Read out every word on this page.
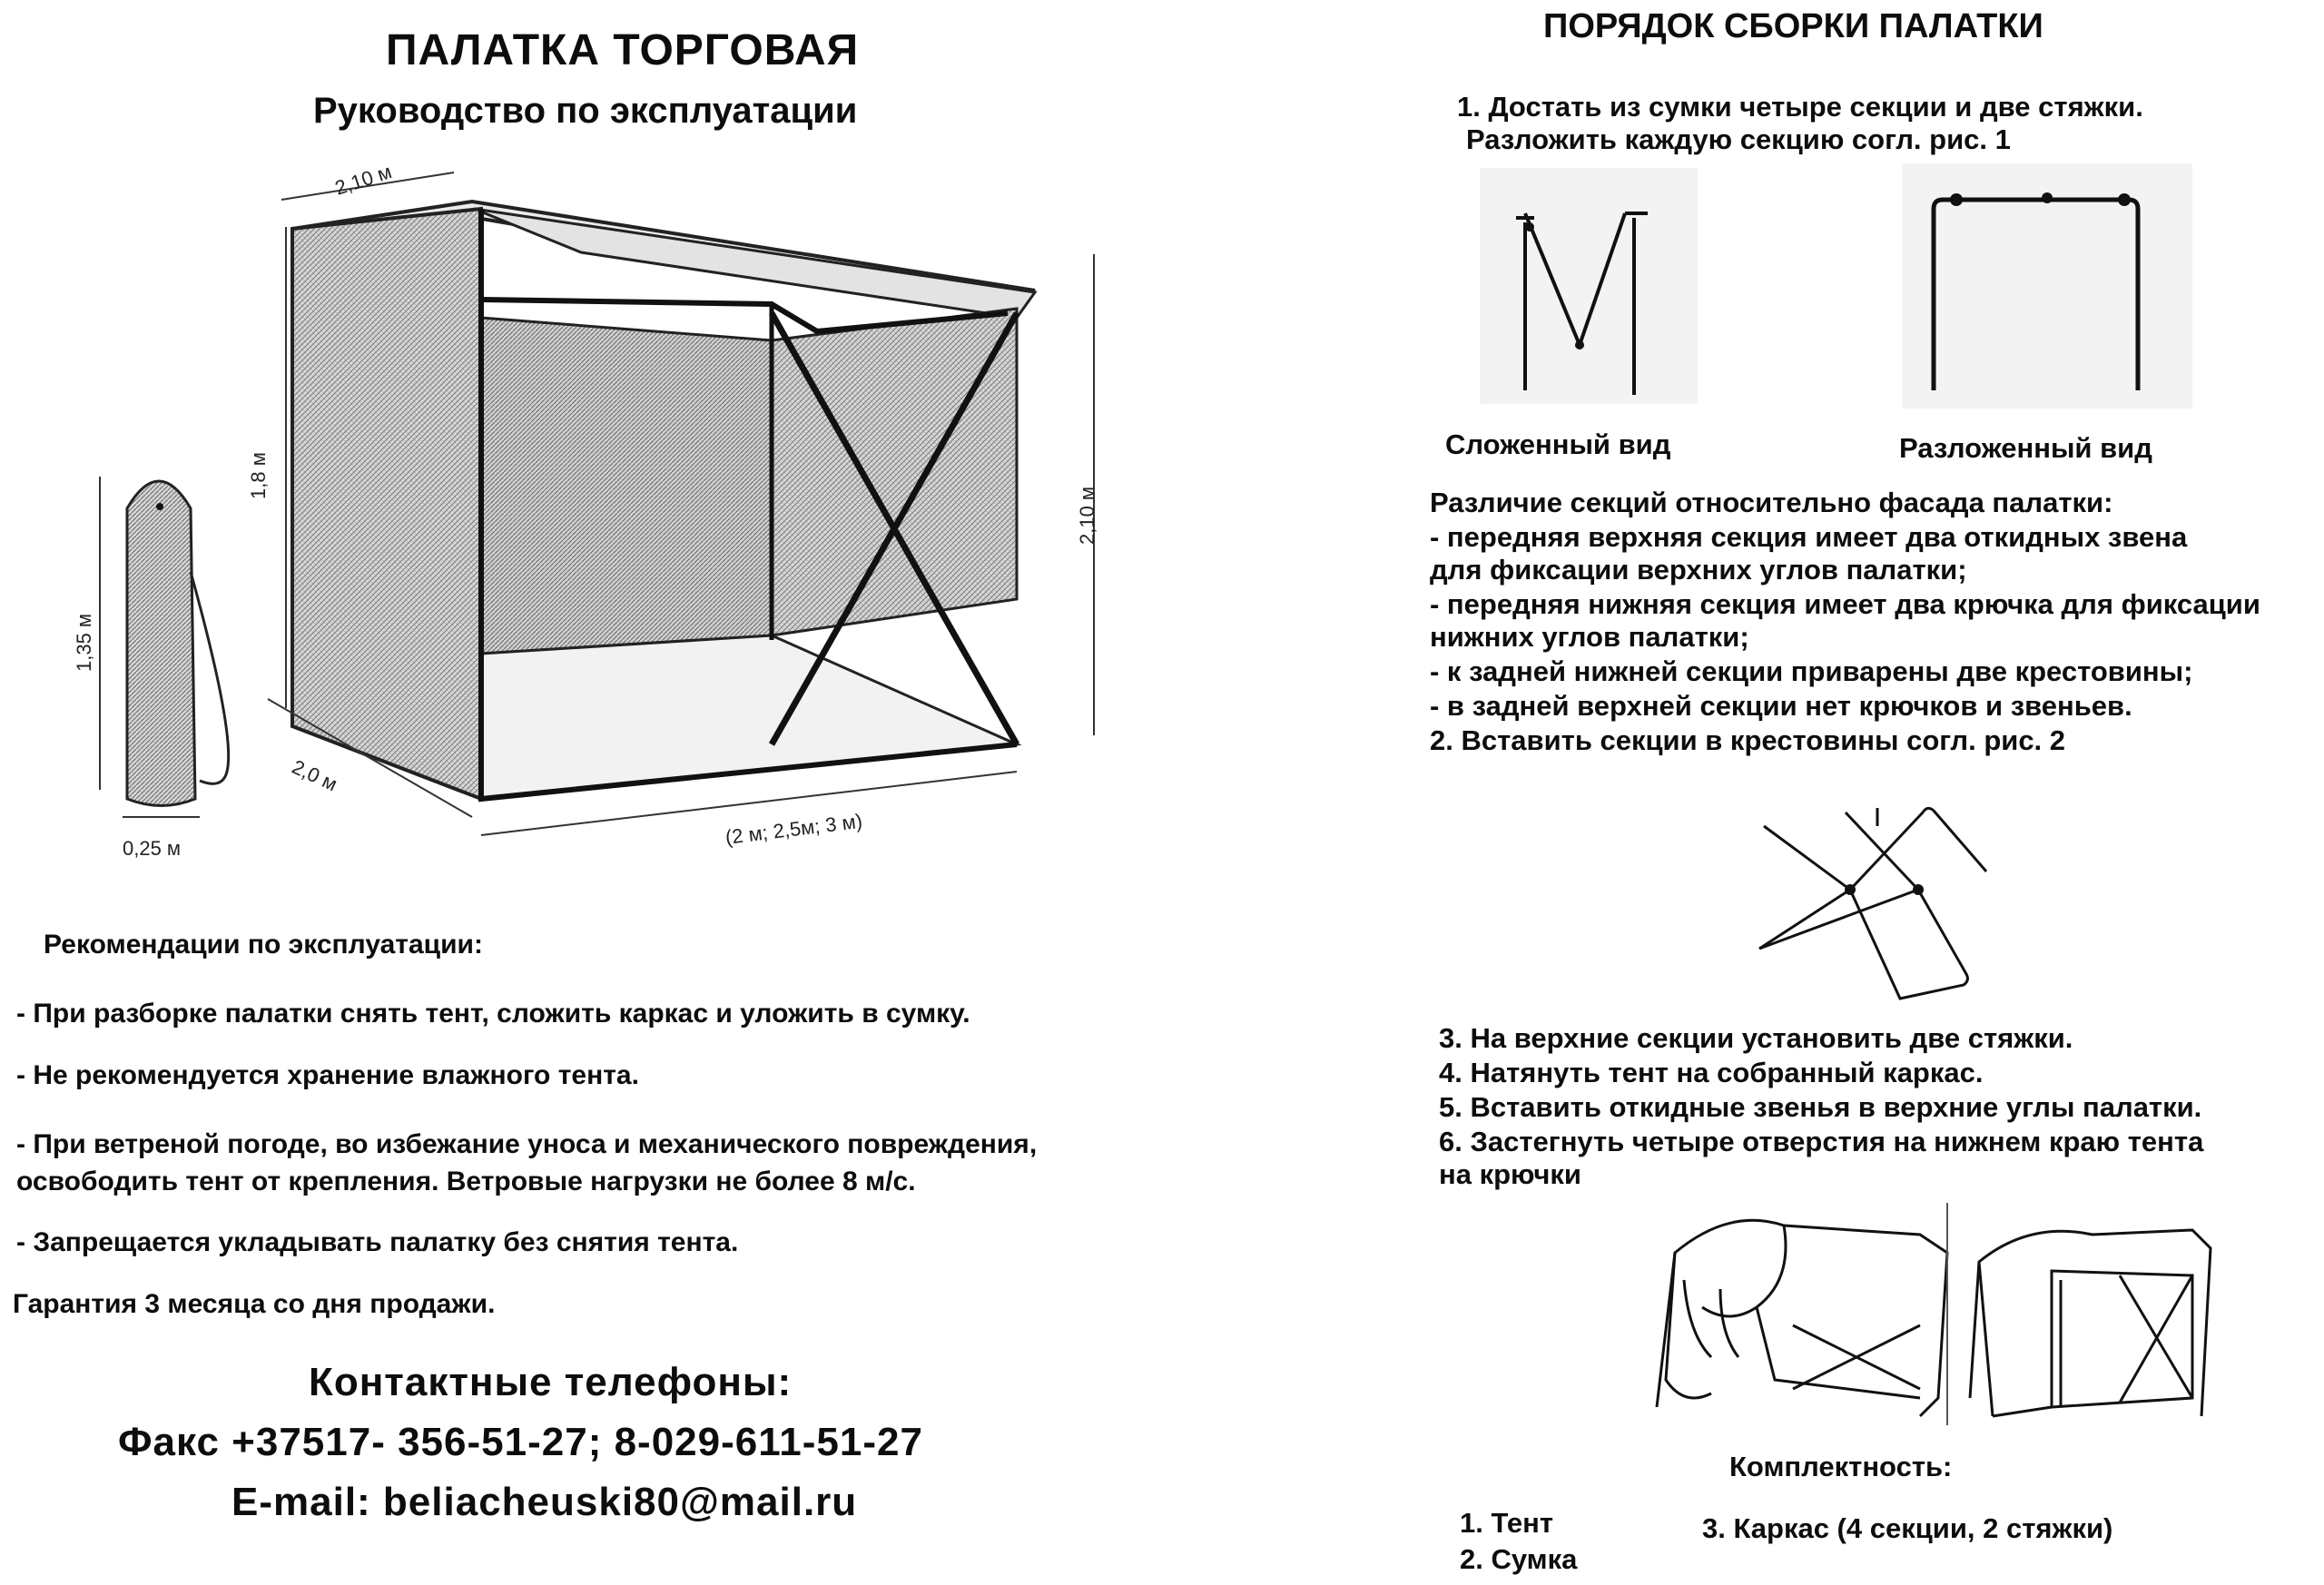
ПАЛАТКА ТОРГОВАЯ
Руководство по эксплуатации
2,10 м
1,8 м
2,10 м
2,0 м
(2 м; 2,5м; 3 м)
1,35 м
0,25 м
Рекомендации по эксплуатации:
- При разборке палатки снять тент, сложить каркас и уложить в сумку.
- Не рекомендуется хранение влажного тента.
- При ветреной погоде, во избежание уноса и механического повреждения,
освободить тент от крепления. Ветровые нагрузки не более 8 м/с.
- Запрещается укладывать палатку без снятия тента.
Гарантия 3 месяца со дня продажи.
Контактные телефоны:
Факс +37517- 356-51-27; 8-029-611-51-27
E-mail: beliacheuski80@mail.ru
ПОРЯДОК СБОРКИ ПАЛАТКИ
1. Достать из сумки четыре секции и две стяжки.
Разложить каждую секцию согл. рис. 1
Сложенный вид	Разложенный вид
Различие секций относительно фасада палатки:
- передняя верхняя секция имеет два откидных звена
для фиксации верхних углов палатки;
- передняя нижняя секция имеет два крючка для фиксации
нижних углов палатки;
- к задней нижней секции приварены две крестовины;
- в задней верхней секции нет крючков и звеньев.
2. Вставить секции в крестовины согл. рис. 2
3. На верхние секции установить две стяжки.
4. Натянуть тент на собранный каркас.
5. Вставить откидные звенья в верхние углы палатки.
6. Застегнуть четыре отверстия на нижнем краю тента
на крючки
Комплектность:
1. Тент
2. Сумка
3. Каркас (4 секции, 2 стяжки)
